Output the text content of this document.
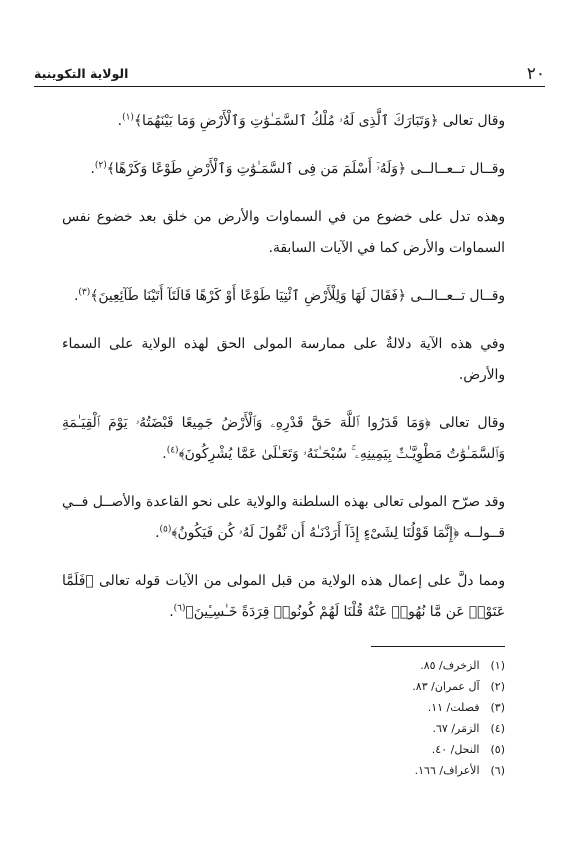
٢٠
الولاية التكوينية

وقال تعالى ﴿وَتَبَارَكَ ٱلَّذِى لَهُۥ مُلْكُ ٱلسَّمَـٰوَٰتِ وَٱلْأَرْضِ وَمَا بَيْنَهُمَا﴾$^{(١)}$.

وقــال تــعــالــى ﴿وَلَهُۥٓ أَسْلَمَ مَن فِى ٱلسَّمَـٰوَٰتِ وَٱلْأَرْضِ طَوْعًا وَكَرْهًا﴾$^{(٢)}$.

وهذه تدل على خضوع من في السماوات والأرض من خلق بعد خضوع نفس السماوات والأرض كما في الآيات السابقة.

وقــال تــعــالــى ﴿فَقَالَ لَهَا وَلِلْأَرْضِ ٱئْتِيَا طَوْعًا أَوْ كَرْهًا قَالَتَآ أَتَيْنَا طَآئِعِينَ﴾$^{(٣)}$.

وفي هذه الآية دلالةٌ على ممارسة المولى الحق لهذه الولاية على السماء والأرض.

وقال تعالى ﴿وَمَا قَدَرُوا ٱللَّهَ حَقَّ قَدْرِهِۦ وَٱلْأَرْضُ جَمِيعًا قَبْضَتُهُۥ يَوْمَ ٱلْقِيَـٰمَةِ وَٱلسَّمَـٰوَٰتُ مَطْوِيَّـٰتٌۢ بِيَمِينِهِۦ ۚ سُبْحَـٰنَهُۥ وَتَعَـٰلَىٰ عَمَّا يُشْرِكُونَ﴾$^{(٤)}$.

وقد صرّح المولى تعالى بهذه السلطنة والولاية على نحو القاعدة والأصــل فــي قــولــه ﴿إِنَّمَا قَوْلُنَا لِشَىْءٍ إِذَآ أَرَدْنَـٰهُ أَن نَّقُولَ لَهُۥ كُن فَيَكُونُ﴾$^{(٥)}$.

ومما دلَّ على إعمال هذه الولاية من قبل المولى من الآيات قوله تعالى ﴿فَلَمَّا عَتَوْا۟ عَن مَّا نُهُوا۟ عَنْهُ قُلْنَا لَهُمْ كُونُوا۟ قِرَدَةً خَـٰسِـِٔينَ﴾$^{(٦)}$.

(١) الزخرف/ ٨٥.
(٢) آل عمران/ ٨٣.
(٣) فصلت/ ١١.
(٤) الزمَر/ ٦٧.
(٥) النحل/ ٤٠.
(٦) الأعراف/ ١٦٦.
